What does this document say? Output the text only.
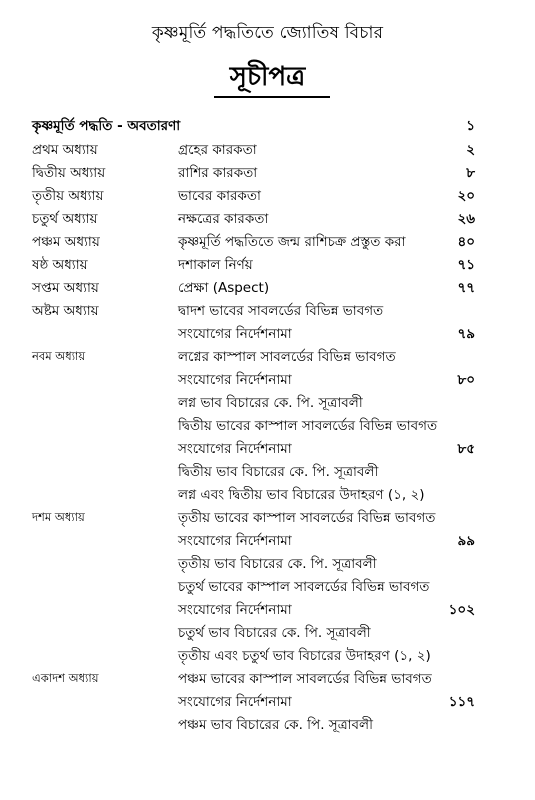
কৃষ্ণমূর্তি পদ্ধতিতে জ্যোতিষ বিচার
সূচীপত্র
কৃষ্ণমূর্তি পদ্ধতি - অবতারণা	১
প্রথম অধ্যায়	গ্রহের কারকতা	২
দ্বিতীয় অধ্যায়	রাশির কারকতা	৮
তৃতীয় অধ্যায়	ভাবের কারকতা	২০
চতুর্থ অধ্যায়	নক্ষত্রের কারকতা	২৬
পঞ্চম অধ্যায়	কৃষ্ণমূর্তি পদ্ধতিতে জন্ম রাশিচক্র প্রস্তুত করা	৪০
ষষ্ঠ অধ্যায়	দশাকাল নির্ণয়	৭১
সপ্তম অধ্যায়	প্রেক্ষা (Aspect)	৭৭
অষ্টম অধ্যায়	দ্বাদশ ভাবের সাবলর্ডের বিভিন্ন ভাবগত
সংযোগের নির্দেশনামা	৭৯
নবম অধ্যায়	লগ্নের কাস্পাল সাবলর্ডের বিভিন্ন ভাবগত
সংযোগের নির্দেশনামা	৮০
লগ্ন ভাব বিচারের কে. পি. সূত্রাবলী
দ্বিতীয় ভাবের কাস্পাল সাবলর্ডের বিভিন্ন ভাবগত
সংযোগের নির্দেশনামা	৮৫
দ্বিতীয় ভাব বিচারের কে. পি. সূত্রাবলী
লগ্ন এবং দ্বিতীয় ভাব বিচারের উদাহরণ (১, ২)
দশম অধ্যায়	তৃতীয় ভাবের কাস্পাল সাবলর্ডের বিভিন্ন ভাবগত
সংযোগের নির্দেশনামা	৯৯
তৃতীয় ভাব বিচারের কে. পি. সূত্রাবলী
চতুর্থ ভাবের কাস্পাল সাবলর্ডের বিভিন্ন ভাবগত
সংযোগের নির্দেশনামা	১০২
চতুর্থ ভাব বিচারের কে. পি. সূত্রাবলী
তৃতীয় এবং চতুর্থ ভাব বিচারের উদাহরণ (১, ২)
একাদশ অধ্যায়	পঞ্চম ভাবের কাস্পাল সাবলর্ডের বিভিন্ন ভাবগত
সংযোগের নির্দেশনামা	১১৭
পঞ্চম ভাব বিচারের কে. পি. সূত্রাবলী
